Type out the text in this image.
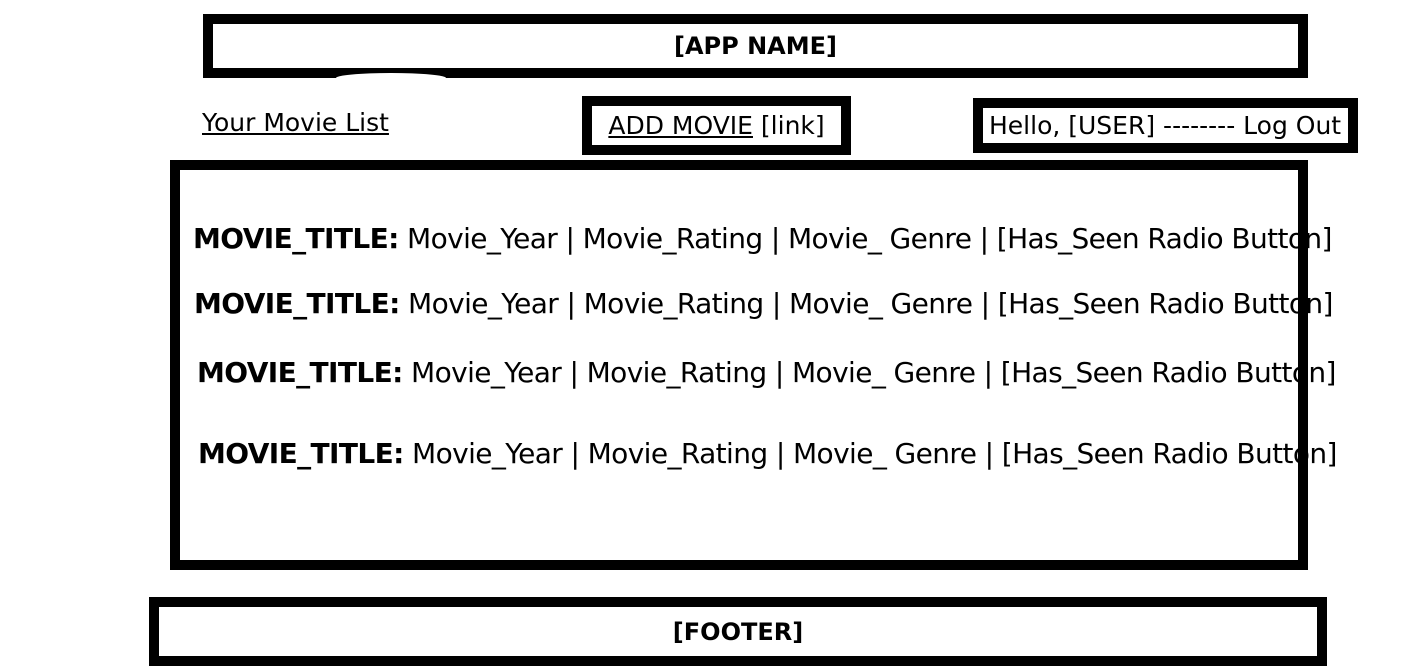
[APP NAME]
Your Movie List	ADD MOVIE [link]	Hello, [USER] -------- Log Out
MOVIE_TITLE: Movie_Year | Movie_Rating | Movie_ Genre | [Has_Seen Radio Button]
MOVIE_TITLE: Movie_Year | Movie_Rating | Movie_ Genre | [Has_Seen Radio Button]
MOVIE_TITLE: Movie_Year | Movie_Rating | Movie_ Genre | [Has_Seen Radio Button]
MOVIE_TITLE: Movie_Year | Movie_Rating | Movie_ Genre | [Has_Seen Radio Button]
[FOOTER]
